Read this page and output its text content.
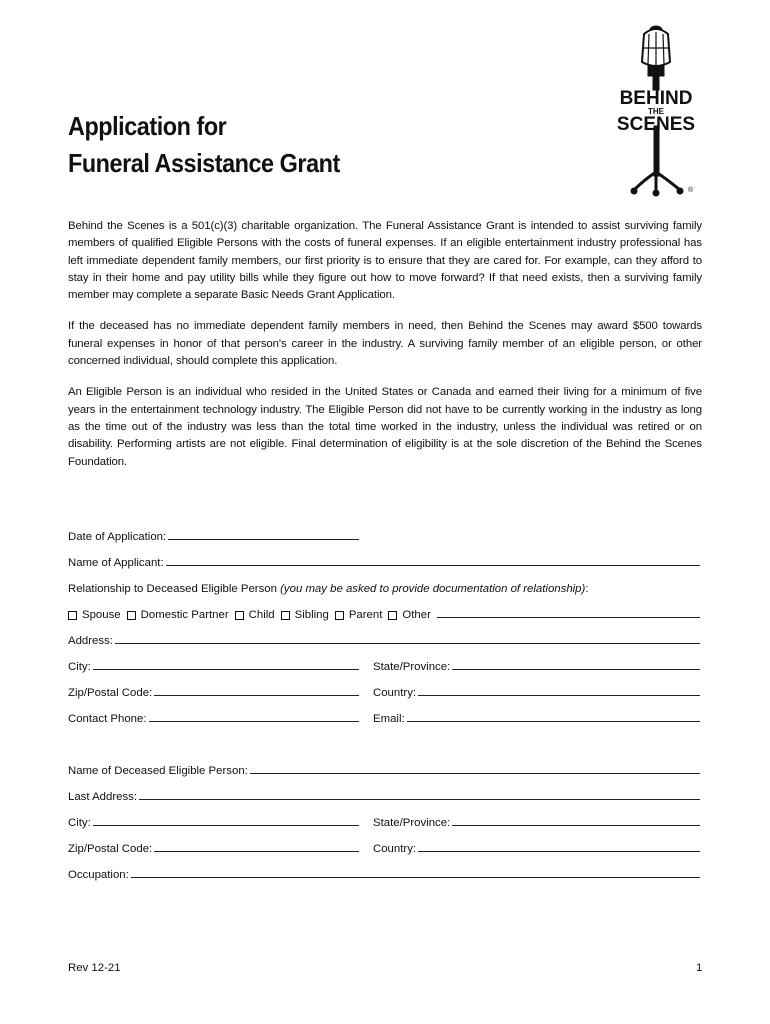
Application for
Funeral Assistance Grant
BEHIND
THE
SCENES
®

Behind the Scenes is a 501(c)(3) charitable organization. The Funeral Assistance Grant is intended to assist surviving family members of qualified Eligible Persons with the costs of funeral expenses. If an eligible entertainment industry professional has left immediate dependent family members, our first priority is to ensure that they are cared for. For example, can they afford to stay in their home and pay utility bills while they figure out how to move forward? If that need exists, then a surviving family member may complete a separate Basic Needs Grant Application.

If the deceased has no immediate dependent family members in need, then Behind the Scenes may award $500 towards funeral expenses in honor of that person's career in the industry. A surviving family member of an eligible person, or other concerned individual, should complete this application.

An Eligible Person is an individual who resided in the United States or Canada and earned their living for a minimum of five years in the entertainment technology industry. The Eligible Person did not have to be currently working in the industry as long as the time out of the industry was less than the total time worked in the industry, unless the individual was retired or on disability. Performing artists are not eligible. Final determination of eligibility is at the sole discretion of the Behind the Scenes Foundation.

Date of Application:
Name of Applicant:
Relationship to Deceased Eligible Person
(you may be asked to provide documentation of relationship) :
Spouse Domestic Partner Child Sibling Parent Other
Address:
City:	State/Province:
Zip/Postal Code:	Country:
Contact Phone:	Email:
Name of Deceased Eligible Person:
Last Address:
City:	State/Province:
Zip/Postal Code:	Country:
Occupation:
Rev 12-21	1
